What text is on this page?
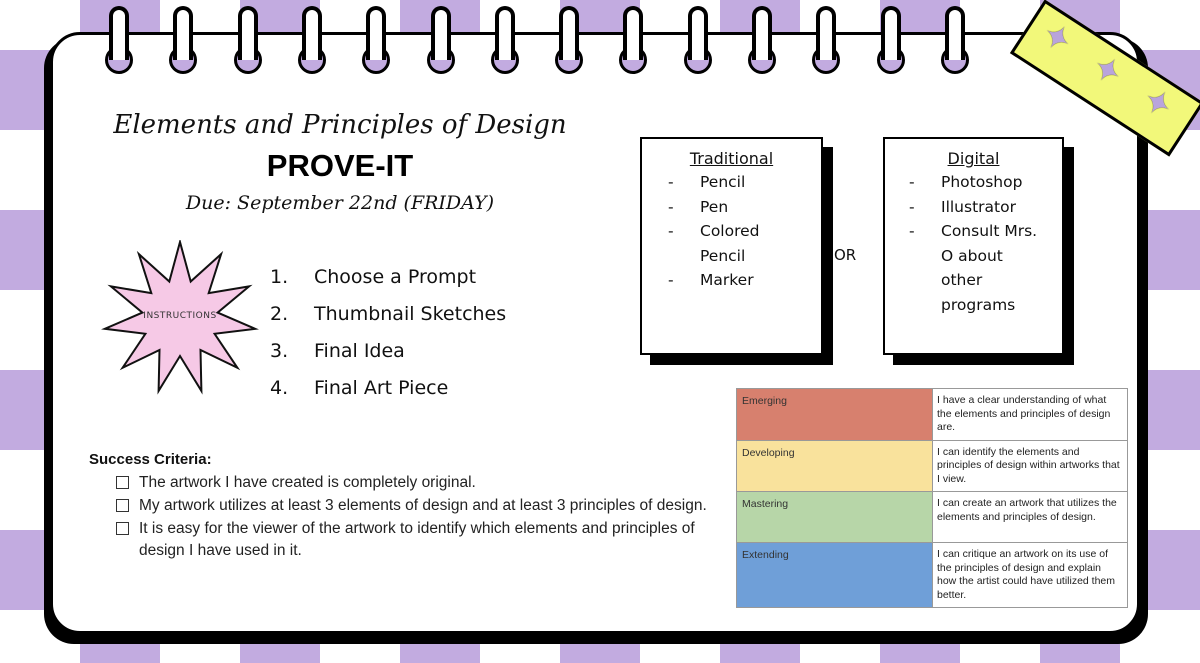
✦
✦
✦
Elements and Principles of Design
PROVE-IT
Due: September 22nd (FRIDAY)
INSTRUCTIONS
1.	Choose a Prompt
2.	Thumbnail Sketches
3.	Final Idea
4.	Final Art Piece
Traditional
-	Pencil
-	Pen
-	Colored
Pencil
-	Marker
OR
Digital
-	Photoshop
-	Illustrator
-	Consult Mrs.
O about
other
programs
Emerging	I have a clear understanding of what the elements and principles of design are.
Developing	I can identify the elements and principles of design within artworks that I view.
Mastering	I can create an artwork that utilizes the elements and principles of design.
Extending	I can critique an artwork on its use of the principles of design and explain how the artist could have utilized them better.
Success Criteria:
The artwork I have created is completely original.
My artwork utilizes at least 3 elements of design and at least 3 principles of design.
It is easy for the viewer of the artwork to identify which elements and principles of design I have used in it.
